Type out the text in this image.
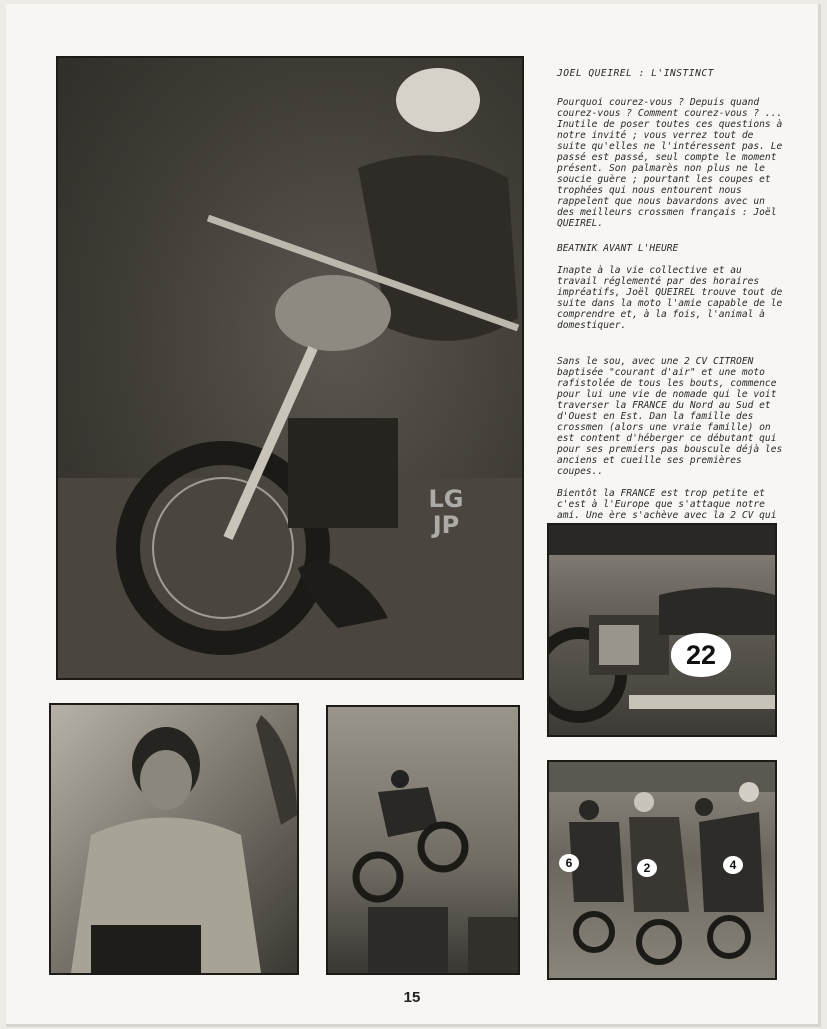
LG
JP
JOEL QUEIREL : L'INSTINCT

Pourquoi courez-vous ? Depuis quand courez-vous ? Comment courez-vous ? ... Inutile de poser toutes ces questions à notre invité ; vous verrez tout de suite qu'elles ne l'intéressent pas. Le passé est passé, seul compte le moment présent. Son palmarès non plus ne le soucie guère ; pourtant les coupes et trophées qui nous entourent nous rappelent que nous bavardons avec un des meilleurs crossmen français : Joël QUEIREL.

BEATNIK AVANT L'HEURE

Inapte à la vie collective et au travail réglementé par des horaires impréatifs, Joël QUEIREL trouve tout de suite dans la moto l'amie capable de le comprendre et, à la fois, l'animal à domestiquer.

Sans le sou, avec une 2 CV CITROEN baptisée "courant d'air" et une moto rafistolée de tous les bouts, commence pour lui une vie de nomade qui le voit traverser la FRANCE du Nord au Sud et d'Ouest en Est. Dan la famille des crossmen (alors une vraie famille) on est content d'héberger ce débutant qui pour ses premiers pas bouscule déjà les anciens et cueille ses premières coupes..

Bientôt la FRANCE est trop petite et c'est à l'Europe que s'attaque notre ami. Une ère s'achève avec la 2 CV qui

22
6	2	4
15
